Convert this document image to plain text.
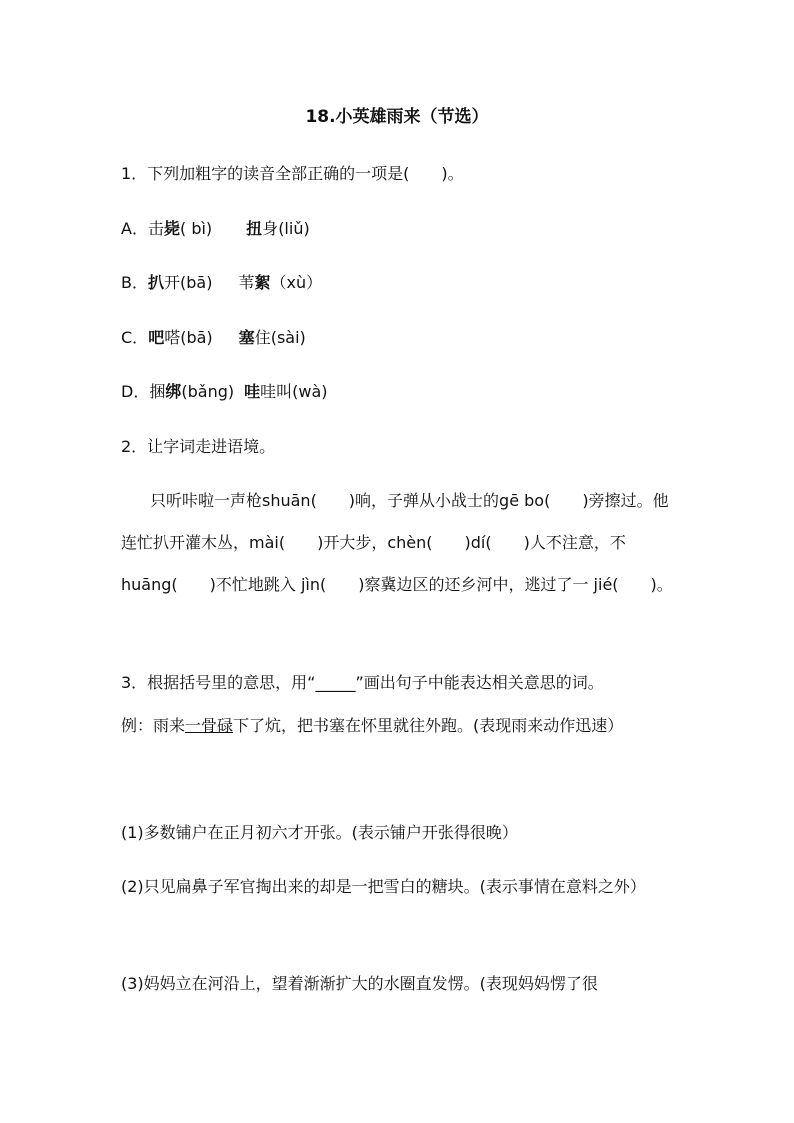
18.小英雄雨来（节选）
1．下列加粗字的读音全部正确的一项是(　　)。
A．击毙( bì) 扭身(liǔ)
B．扒开(bā) 苇絮（xù）
C．吧嗒(bā) 塞住(sài)
D．捆绑(bǎng) 哇哇叫(wà)
2．让字词走进语境。
只听咔啦一声枪shuān(　　)响，子弹从小战士的gē bo(　　)旁擦过。他连忙扒开灌木丛，mài(　　)开大步，chèn(　　)dí(　　)人不注意，不 huāng(　　)不忙地跳入 jìn(　　)察冀边区的还乡河中，逃过了一 jié(　　)。
3．根据括号里的意思，用“_____”画出句子中能表达相关意思的词。
例：雨来一骨碌下了炕，把书塞在怀里就往外跑。(表现雨来动作迅速）
(1)多数铺户在正月初六才开张。(表示铺户开张得很晚）
(2)只见扁鼻子军官掏出来的却是一把雪白的糖块。(表示事情在意料之外）
(3)妈妈立在河沿上，望着渐渐扩大的水圈直发愣。(表现妈妈愣了很
